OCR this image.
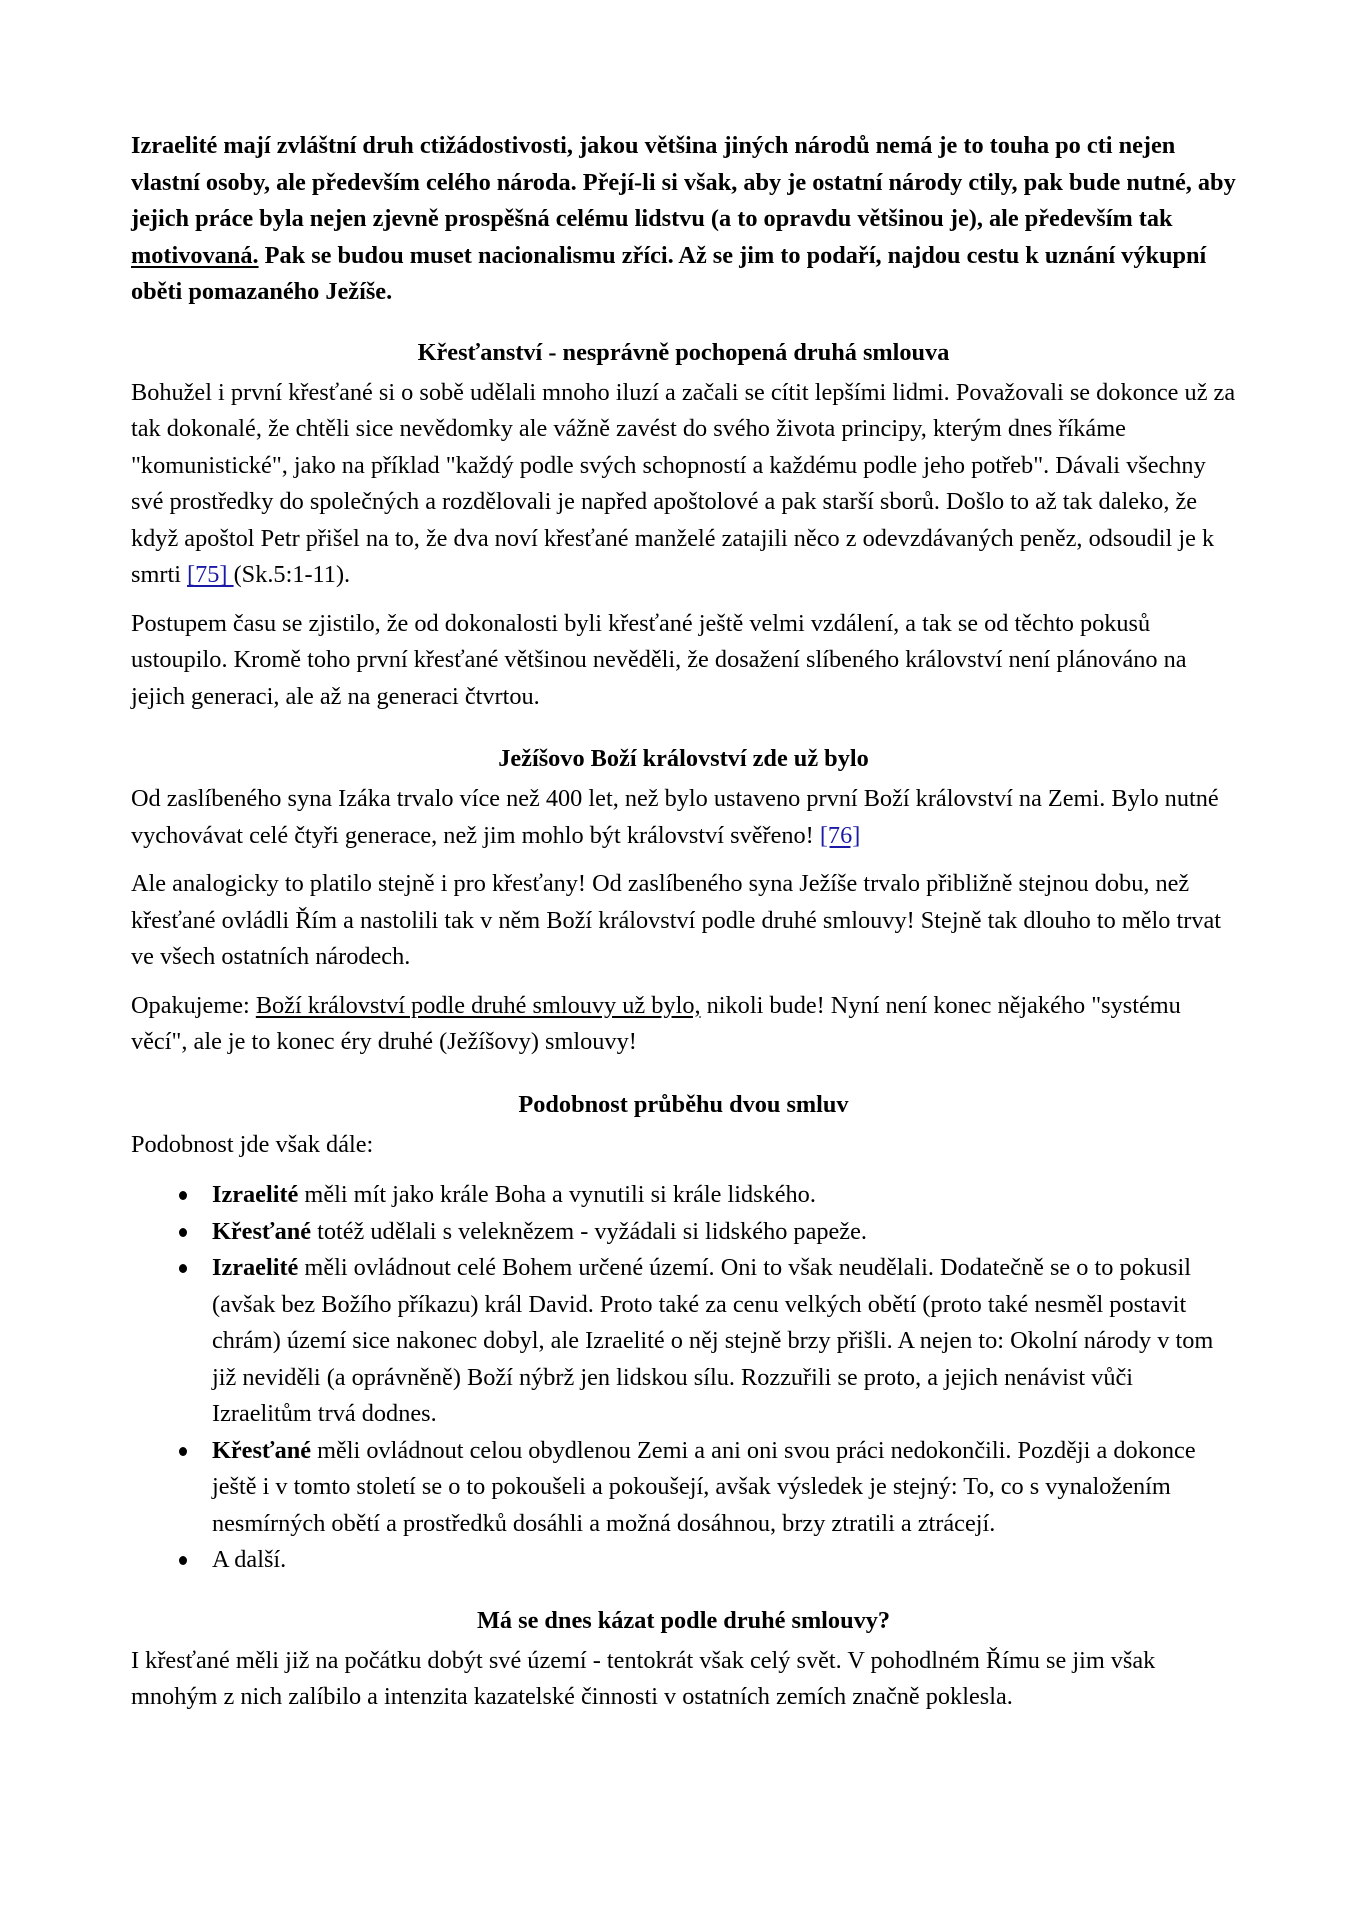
Izraelité mají zvláštní druh ctižádostivosti, jakou většina jiných národů nemá je to touha po cti nejen vlastní osoby, ale především celého národa. Přejí-li si však, aby je ostatní národy ctily, pak bude nutné, aby jejich práce byla nejen zjevně prospěšná celému lidstvu (a to opravdu většinou je), ale především tak motivovaná. Pak se budou muset nacionalismu zříci. Až se jim to podaří, najdou cestu k uznání výkupní oběti pomazaného Ježíše.

Křesťanství - nesprávně pochopená druhá smlouva

Bohužel i první křesťané si o sobě udělali mnoho iluzí a začali se cítit lepšími lidmi. Považovali se dokonce už za tak dokonalé, že chtěli sice nevědomky ale vážně zavést do svého života principy, kterým dnes říkáme "komunistické", jako na příklad "každý podle svých schopností a každému podle jeho potřeb". Dávali všechny své prostředky do společných a rozdělovali je napřed apoštolové a pak starší sborů. Došlo to až tak daleko, že když apoštol Petr přišel na to, že dva noví křesťané manželé zatajili něco z odevzdávaných peněz, odsoudil je k smrti [75] (Sk.5:1-11).

Postupem času se zjistilo, že od dokonalosti byli křesťané ještě velmi vzdálení, a tak se od těchto pokusů ustoupilo. Kromě toho první křesťané většinou nevěděli, že dosažení slíbeného království není plánováno na jejich generaci, ale až na generaci čtvrtou.

Ježíšovo Boží království zde už bylo

Od zaslíbeného syna Izáka trvalo více než 400 let, než bylo ustaveno první Boží království na Zemi. Bylo nutné vychovávat celé čtyři generace, než jim mohlo být království svěřeno! [76]

Ale analogicky to platilo stejně i pro křesťany! Od zaslíbeného syna Ježíše trvalo přibližně stejnou dobu, než křesťané ovládli Řím a nastolili tak v něm Boží království podle druhé smlouvy! Stejně tak dlouho to mělo trvat ve všech ostatních národech.

Opakujeme: Boží království podle druhé smlouvy už bylo, nikoli bude! Nyní není konec nějakého "systému věcí", ale je to konec éry druhé (Ježíšovy) smlouvy!

Podobnost průběhu dvou smluv

Podobnost jde však dále:

Izraelité měli mít jako krále Boha a vynutili si krále lidského.
Křesťané totéž udělali s veleknězem - vyžádali si lidského papeže.
Izraelité měli ovládnout celé Bohem určené území. Oni to však neudělali. Dodatečně se o to pokusil (avšak bez Božího příkazu) král David. Proto také za cenu velkých obětí (proto také nesměl postavit chrám) území sice nakonec dobyl, ale Izraelité o něj stejně brzy přišli. A nejen to: Okolní národy v tom již neviděli (a oprávněně) Boží nýbrž jen lidskou sílu. Rozzuřili se proto, a jejich nenávist vůči Izraelitům trvá dodnes.
Křesťané měli ovládnout celou obydlenou Zemi a ani oni svou práci nedokončili. Později a dokonce ještě i v tomto století se o to pokoušeli a pokoušejí, avšak výsledek je stejný: To, co s vynaložením nesmírných obětí a prostředků dosáhli a možná dosáhnou, brzy ztratili a ztrácejí.
A další.
Má se dnes kázat podle druhé smlouvy?

I křesťané měli již na počátku dobýt své území - tentokrát však celý svět. V pohodlném Římu se jim však mnohým z nich zalíbilo a intenzita kazatelské činnosti v ostatních zemích značně poklesla.
